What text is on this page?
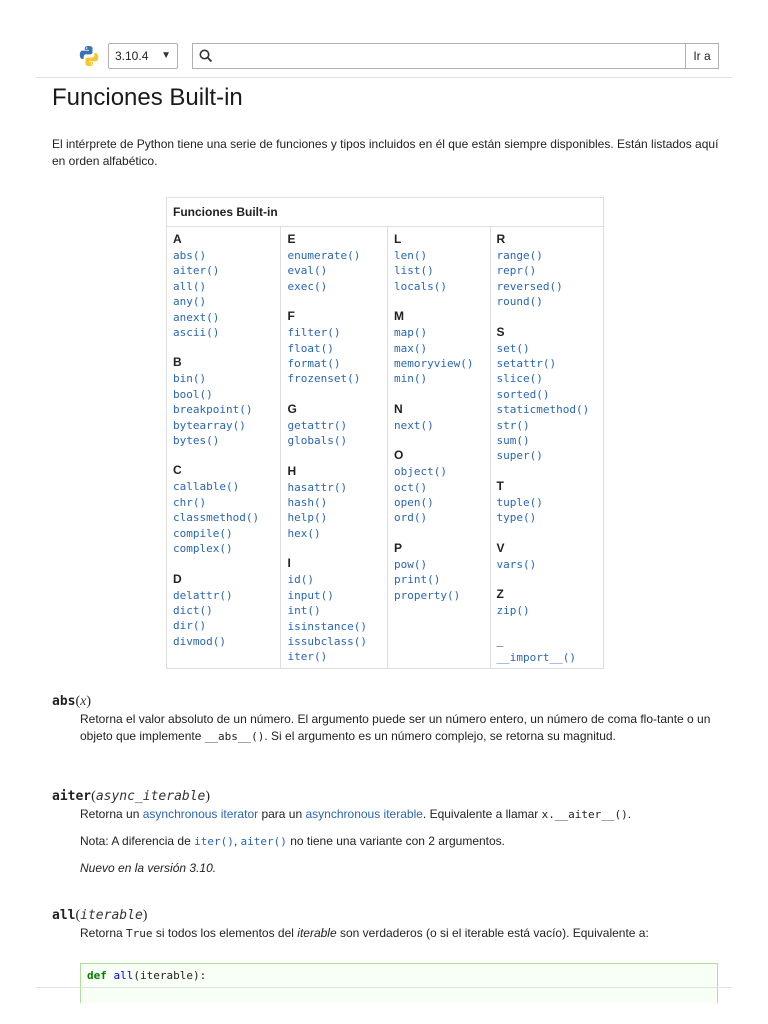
3.10.4 ▼	Ir a
Funciones Built-in

El intérprete de Python tiene una serie de funciones y tipos incluidos en él que están siempre disponibles. Están listados aquí en orden alfabético.

Funciones Built-in
A
abs()
aiter()
all()
any()
anext()
ascii()
B
bin()
bool()
breakpoint()
bytearray()
bytes()
C
callable()
chr()
classmethod()
compile()
complex()
D
delattr()
dict()
dir()
divmod()
E
enumerate()
eval()
exec()
F
filter()
float()
format()
frozenset()
G
getattr()
globals()
H
hasattr()
hash()
help()
hex()
I
id()
input()
int()
isinstance()
issubclass()
iter()
L
len()
list()
locals()
M
map()
max()
memoryview()
min()
N
next()
O
object()
oct()
open()
ord()
P
pow()
print()
property()
R
range()
repr()
reversed()
round()
S
set()
setattr()
slice()
sorted()
staticmethod()
str()
sum()
super()
T
tuple()
type()
V
vars()
Z
zip()
_
__import__()
abs(x)

Retorna el valor absoluto de un número. El argumento puede ser un número entero, un número de coma flo-tante o un objeto que implemente __abs__(). Si el argumento es un número complejo, se retorna su magnitud.

aiter(async_iterable)

Retorna un asynchronous iterator para un asynchronous iterable. Equivalente a llamar x.__aiter__().

Nota: A diferencia de iter(), aiter() no tiene una variante con 2 argumentos.

Nuevo en la versión 3.10.

all(iterable)

Retorna True si todos los elementos del iterable son verdaderos (o si el iterable está vacío). Equivalente a:

def all(iterable):
